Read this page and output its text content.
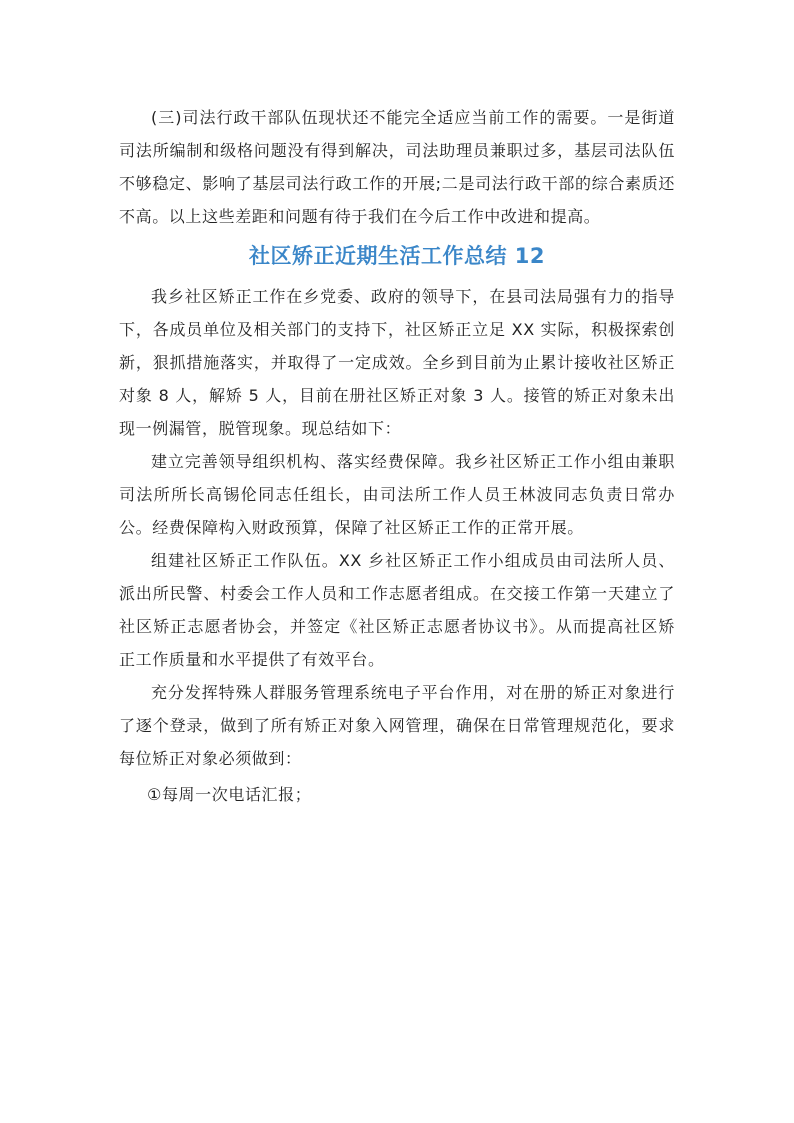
(三)司法行政干部队伍现状还不能完全适应当前工作的需要。一是街道司法所编制和级格问题没有得到解决，司法助理员兼职过多，基层司法队伍不够稳定、影响了基层司法行政工作的开展;二是司法行政干部的综合素质还不高。以上这些差距和问题有待于我们在今后工作中改进和提高。

社区矫正近期生活工作总结 12

我乡社区矫正工作在乡党委、政府的领导下，在县司法局强有力的指导下，各成员单位及相关部门的支持下，社区矫正立足 XX 实际，积极探索创新，狠抓措施落实，并取得了一定成效。全乡到目前为止累计接收社区矫正对象 8 人，解矫 5 人，目前在册社区矫正对象 3 人。接管的矫正对象未出现一例漏管，脱管现象。现总结如下：

建立完善领导组织机构、落实经费保障。我乡社区矫正工作小组由兼职司法所所长高锡伦同志任组长，由司法所工作人员王林波同志负责日常办公。经费保障构入财政预算，保障了社区矫正工作的正常开展。

组建社区矫正工作队伍。XX 乡社区矫正工作小组成员由司法所人员、派出所民警、村委会工作人员和工作志愿者组成。在交接工作第一天建立了社区矫正志愿者协会，并签定《社区矫正志愿者协议书》。从而提高社区矫正工作质量和水平提供了有效平台。

充分发挥特殊人群服务管理系统电子平台作用，对在册的矫正对象进行了逐个登录，做到了所有矫正对象入网管理，确保在日常管理规范化，要求每位矫正对象必须做到：

①每周一次电话汇报；
